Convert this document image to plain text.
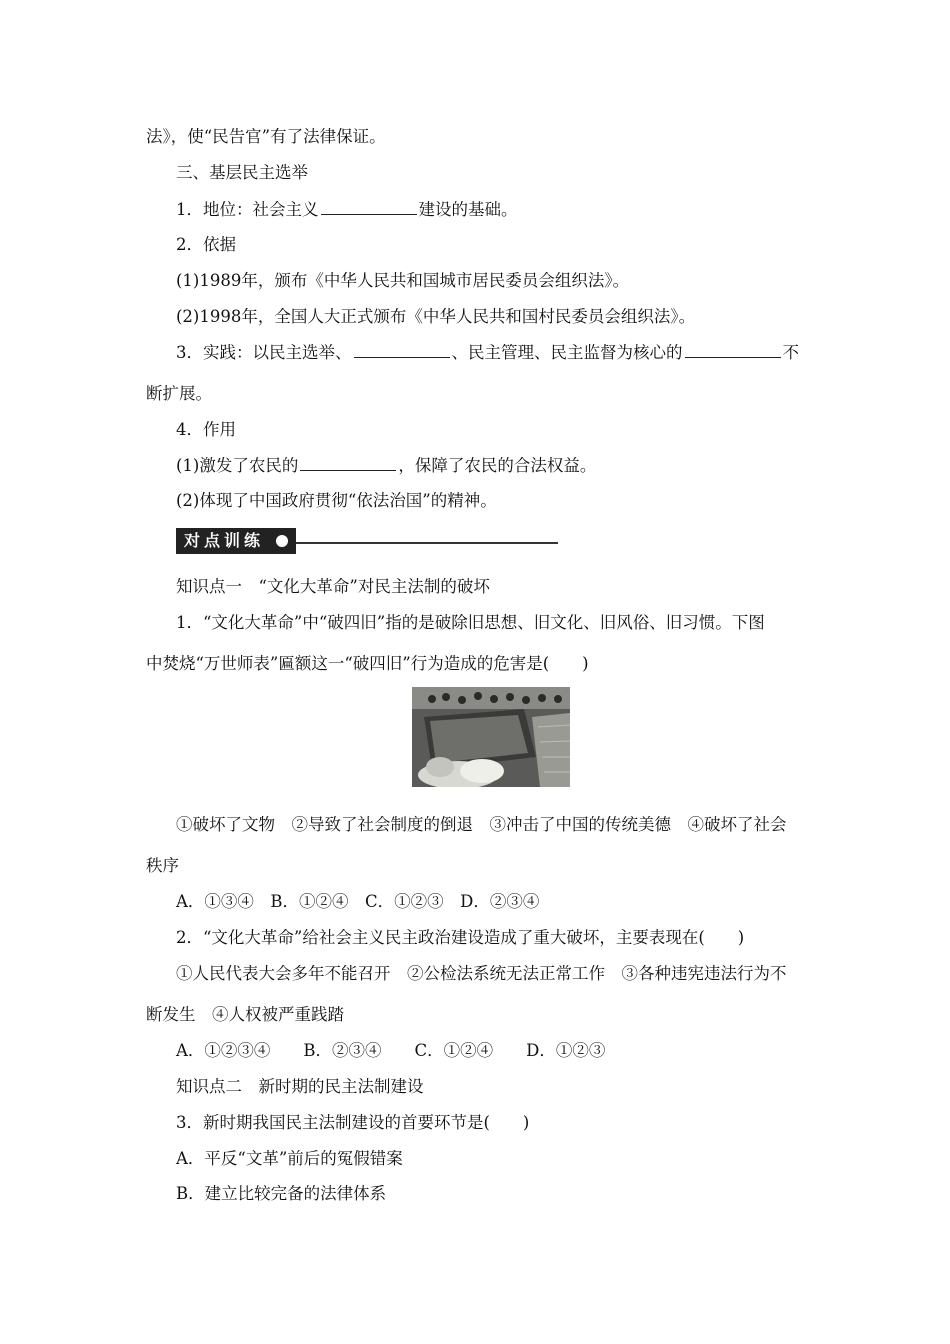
法》，使“民告官”有了法律保证。
三、基层民主选举
1．地位：社会主义	建设的基础。
2．依据
(1)1989年，颁布《中华人民共和国城市居民委员会组织法》。
(2)1998年，全国人大正式颁布《中华人民共和国村民委员会组织法》。
3．实践：以民主选举、	、民主管理、民主监督为核心的	不
断扩展。
4．作用
(1)激发了农民的	，保障了农民的合法权益。
(2)体现了中国政府贯彻“依法治国”的精神。
对点训练
知识点一　“文化大革命”对民主法制的破坏
1．“文化大革命”中“破四旧”指的是破除旧思想、旧文化、旧风俗、旧习惯。下图
中焚烧“万世师表”匾额这一“破四旧”行为造成的危害是(　　)
①破坏了文物　②导致了社会制度的倒退　③冲击了中国的传统美德　④破坏了社会
秩序
A．①③④　B．①②④　C．①②③　D．②③④
2．“文化大革命”给社会主义民主政治建设造成了重大破坏，主要表现在(　　)
①人民代表大会多年不能召开　②公检法系统无法正常工作　③各种违宪违法行为不
断发生　④人权被严重践踏
A．①②③④　　B．②③④　　C．①②④　　D．①②③
知识点二　新时期的民主法制建设
3．新时期我国民主法制建设的首要环节是(　　)
A．平反“文革”前后的冤假错案
B．建立比较完备的法律体系
